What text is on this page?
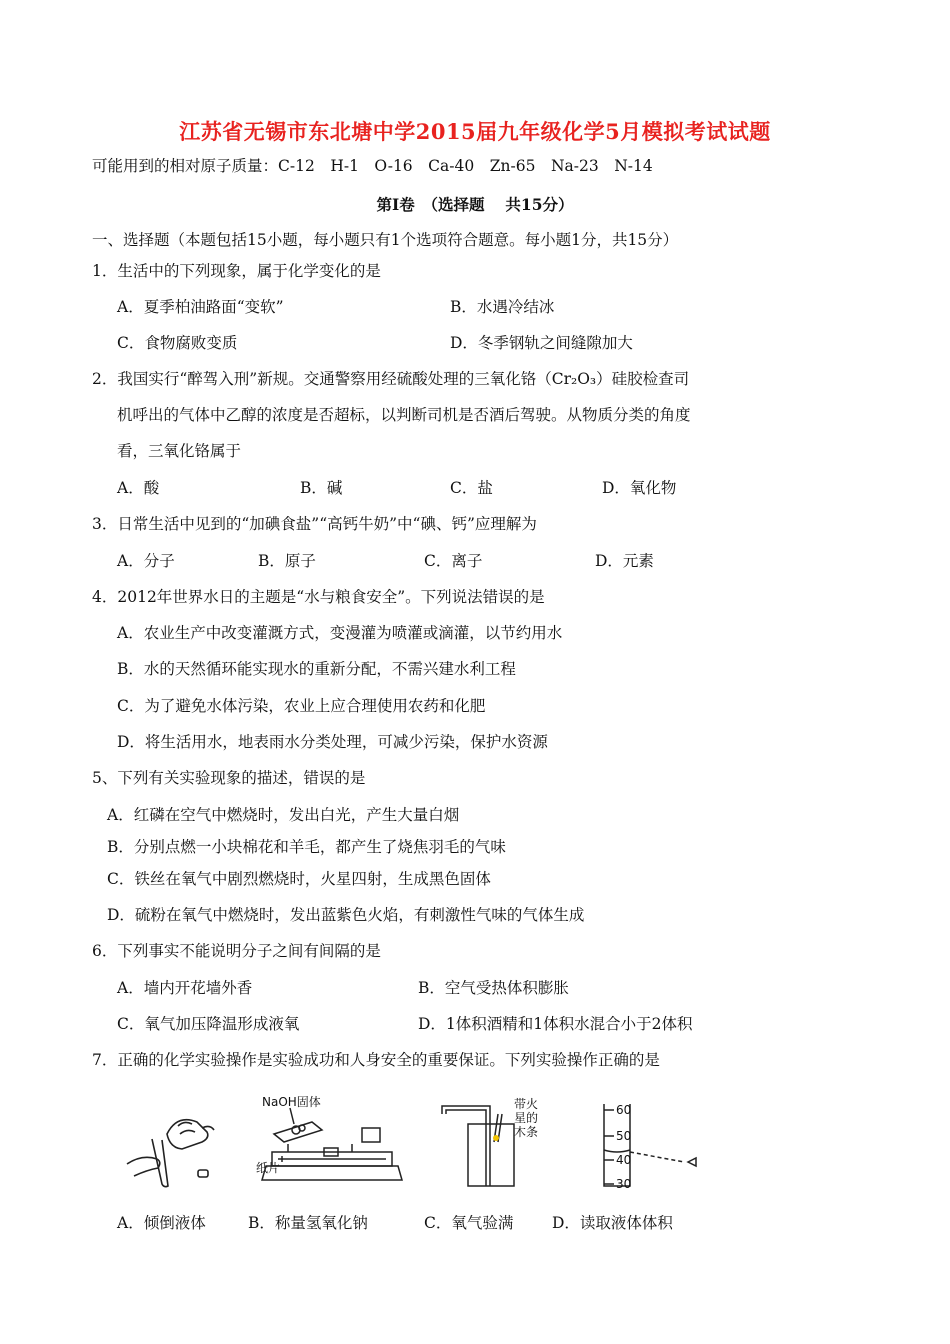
江苏省无锡市东北塘中学2015届九年级化学5月模拟考试试题
可能用到的相对原子质量：C-12　H-1　O-16　Ca-40　Zn-65　Na-23　N-14
第Ⅰ卷　（选择题　 共15分）
一、选择题（本题包括15小题，每小题只有1个选项符合题意。每小题1分，共15分）
1．生活中的下列现象，属于化学变化的是
A．夏季柏油路面“变软”	B．水遇冷结冰
C．食物腐败变质	D．冬季钢轨之间缝隙加大
2．我国实行“醉驾入刑”新规。交通警察用经硫酸处理的三氧化铬（Cr₂O₃）硅胶检查司
机呼出的气体中乙醇的浓度是否超标，以判断司机是否酒后驾驶。从物质分类的角度
看，三氧化铬属于
A．酸	B．碱	C．盐	D．氧化物
3．日常生活中见到的“加碘食盐”“高钙牛奶”中“碘、钙”应理解为
A．分子	B．原子	C．离子	D．元素
4．2012年世界水日的主题是“水与粮食安全”。下列说法错误的是
A．农业生产中改变灌溉方式，变漫灌为喷灌或滴灌，以节约用水
B．水的天然循环能实现水的重新分配，不需兴建水利工程
C．为了避免水体污染，农业上应合理使用农药和化肥
D．将生活用水，地表雨水分类处理，可减少污染，保护水资源
5、下列有关实验现象的描述，错误的是
A．红磷在空气中燃烧时，发出白光，产生大量白烟
B．分别点燃一小块棉花和羊毛，都产生了烧焦羽毛的气味
C．铁丝在氧气中剧烈燃烧时，火星四射，生成黑色固体
D．硫粉在氧气中燃烧时，发出蓝紫色火焰，有刺激性气味的气体生成
6．下列事实不能说明分子之间有间隔的是
A．墙内开花墙外香	B．空气受热体积膨胀
C．氧气加压降温形成液氧	D．1体积酒精和1体积水混合小于2体积
7．正确的化学实验操作是实验成功和人身安全的重要保证。下列实验操作正确的是
NaOH固体
纸片
带火
星的
木条
60
50
40
30
A．倾倒液体	B．称量氢氧化钠	C．氧气验满 D．读取液体体积
